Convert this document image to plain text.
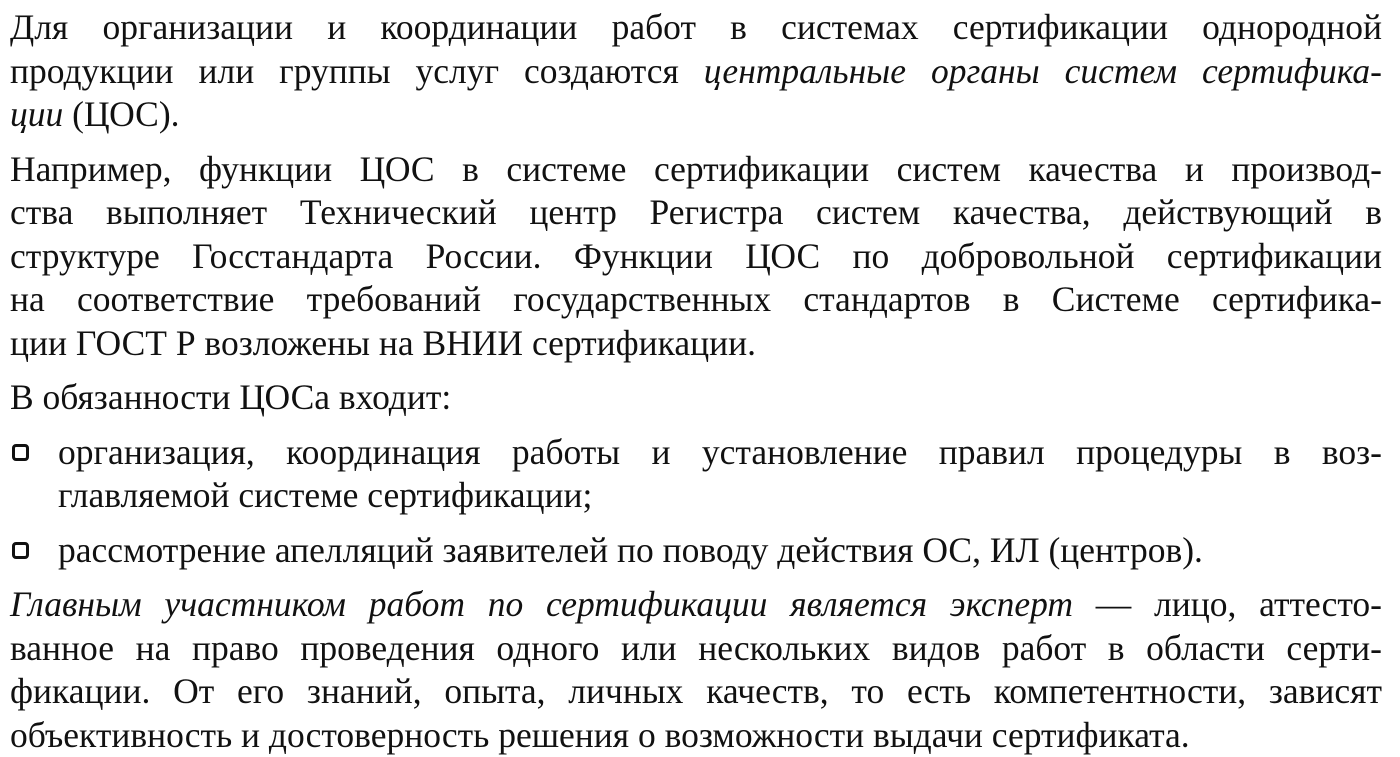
Для организации и координации работ в системах сертификации однородной
продукции или группы услуг создаются центральные органы систем сертифика-
ции (ЦОС).
Например, функции ЦОС в системе сертификации систем качества и производ-
ства выполняет Технический центр Регистра систем качества, действующий в
структуре Госстандарта России. Функции ЦОС по добровольной сертификации
на соответствие требований государственных стандартов в Системе сертифика-
ции ГОСТ Р возложены на ВНИИ сертификации.
В обязанности ЦОСа входит:
организация, координация работы и установление правил процедуры в воз-
главляемой системе сертификации;
рассмотрение апелляций заявителей по поводу действия ОС, ИЛ (центров).
Главным участником работ по сертификации является эксперт — лицо, аттесто-
ванное на право проведения одного или нескольких видов работ в области серти-
фикации. От его знаний, опыта, личных качеств, то есть компетентности, зависят
объективность и достоверность решения о возможности выдачи сертификата.
